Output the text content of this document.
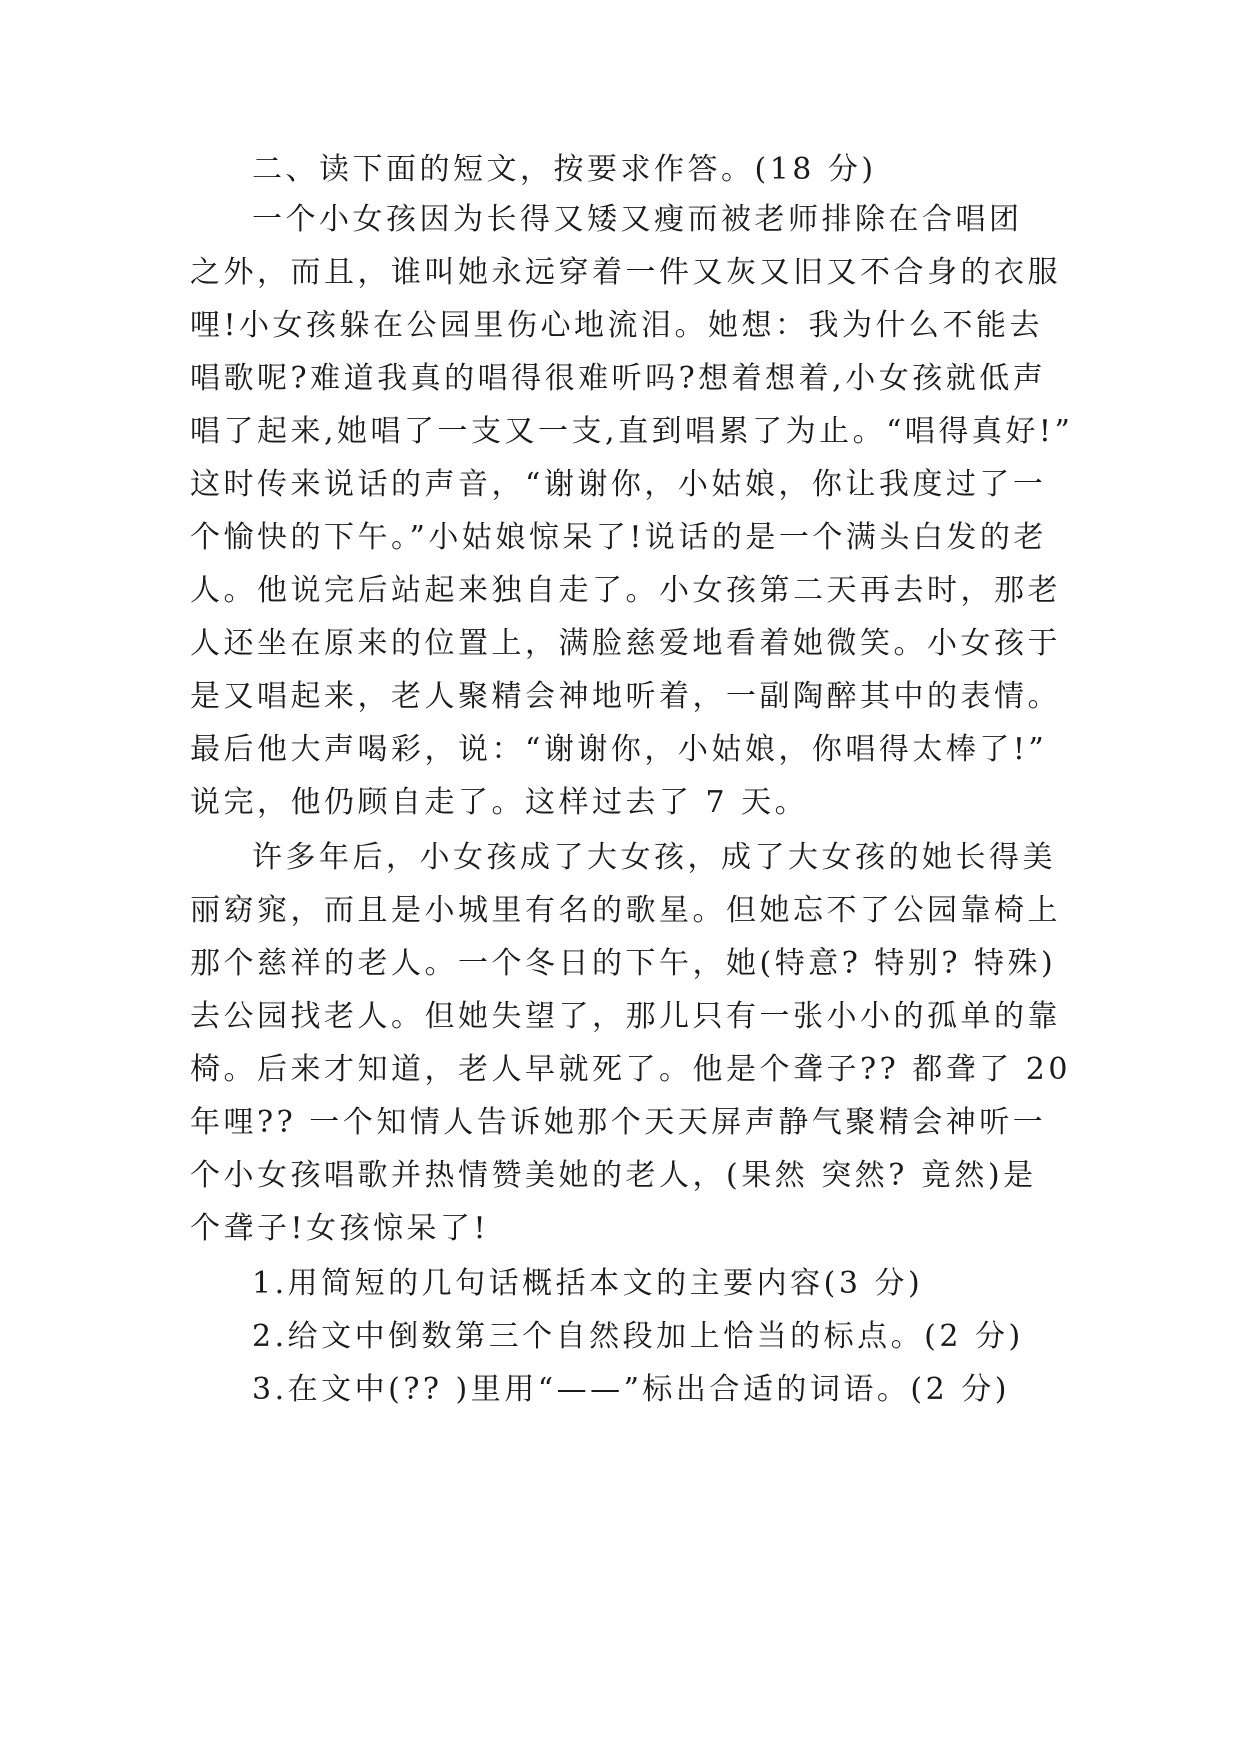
二、读下面的短文，按要求作答。(18 分)
一个小女孩因为长得又矮又瘦而被老师排除在合唱团
之外，而且，谁叫她永远穿着一件又灰又旧又不合身的衣服
哩!小女孩躲在公园里伤心地流泪。她想：我为什么不能去
唱歌呢?难道我真的唱得很难听吗?想着想着,小女孩就低声
唱了起来,她唱了一支又一支,直到唱累了为止。“唱得真好!”
这时传来说话的声音，“谢谢你，小姑娘，你让我度过了一
个愉快的下午。”小姑娘惊呆了!说话的是一个满头白发的老
人。他说完后站起来独自走了。小女孩第二天再去时，那老
人还坐在原来的位置上，满脸慈爱地看着她微笑。小女孩于
是又唱起来，老人聚精会神地听着，一副陶醉其中的表情。
最后他大声喝彩，说：“谢谢你，小姑娘，你唱得太棒了!”
说完，他仍顾自走了。这样过去了 7 天。
许多年后，小女孩成了大女孩，成了大女孩的她长得美
丽窈窕，而且是小城里有名的歌星。但她忘不了公园靠椅上
那个慈祥的老人。一个冬日的下午，她(特意? 特别? 特殊)
去公园找老人。但她失望了，那儿只有一张小小的孤单的靠
椅。后来才知道，老人早就死了。他是个聋子?? 都聋了 20
年哩?? 一个知情人告诉她那个天天屏声静气聚精会神听一
个小女孩唱歌并热情赞美她的老人，(果然 突然? 竟然)是
个聋子!女孩惊呆了!
1.用简短的几句话概括本文的主要内容(3 分)
2.给文中倒数第三个自然段加上恰当的标点。(2 分)
3.在文中(?? )里用“——”标出合适的词语。(2 分)
